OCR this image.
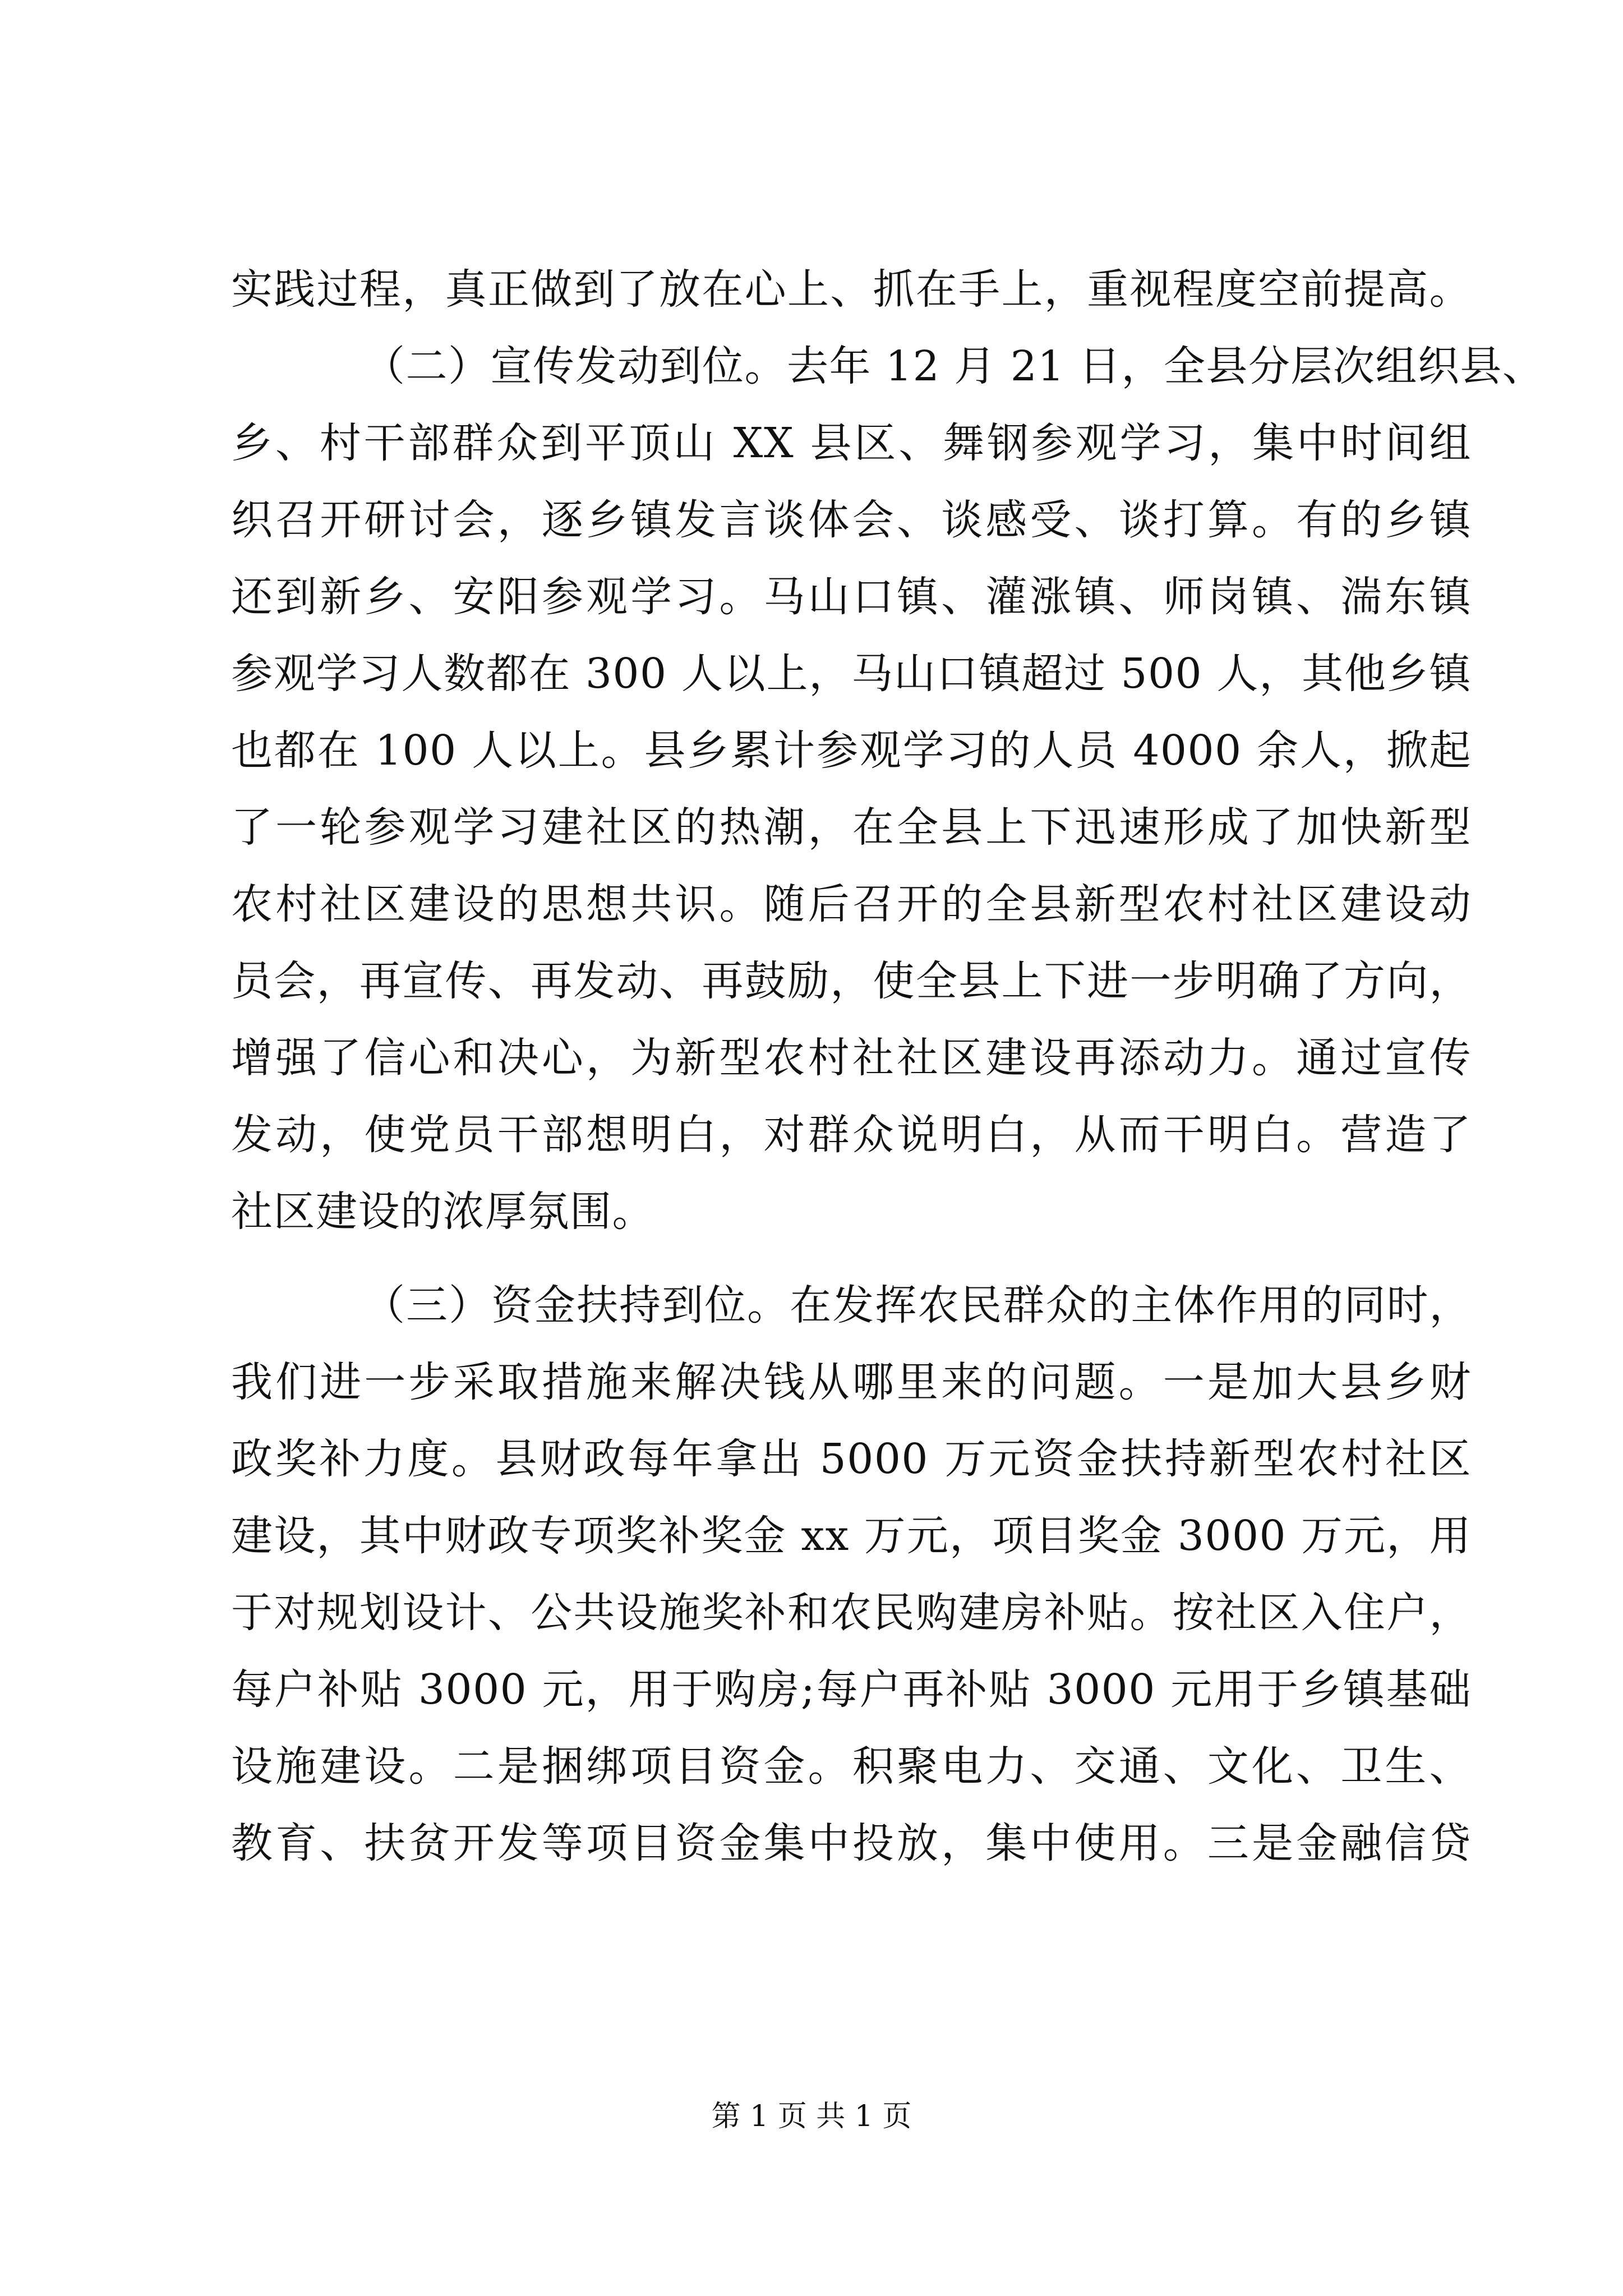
实践过程，真正做到了放在心上、抓在手上，重视程度空前提高。
（二）宣传发动到位。去年 12 月 21 日，全县分层次组织县、
乡、村干部群众到平顶山 XX 县区、舞钢参观学习，集中时间组
织召开研讨会，逐乡镇发言谈体会、谈感受、谈打算。有的乡镇
还到新乡、安阳参观学习。马山口镇、灌涨镇、师岗镇、湍东镇
参观学习人数都在 300 人以上，马山口镇超过 500 人，其他乡镇
也都在 100 人以上。县乡累计参观学习的人员 4000 余人，掀起
了一轮参观学习建社区的热潮，在全县上下迅速形成了加快新型
农村社区建设的思想共识。随后召开的全县新型农村社区建设动
员会，再宣传、再发动、再鼓励，使全县上下进一步明确了方向，
增强了信心和决心，为新型农村社社区建设再添动力。通过宣传
发动，使党员干部想明白，对群众说明白，从而干明白。营造了
社区建设的浓厚氛围。
（三）资金扶持到位。在发挥农民群众的主体作用的同时，
我们进一步采取措施来解决钱从哪里来的问题。一是加大县乡财
政奖补力度。县财政每年拿出 5000 万元资金扶持新型农村社区
建设，其中财政专项奖补奖金 xx 万元，项目奖金 3000 万元，用
于对规划设计、公共设施奖补和农民购建房补贴。按社区入住户，
每户补贴 3000 元，用于购房;每户再补贴 3000 元用于乡镇基础
设施建设。二是捆绑项目资金。积聚电力、交通、文化、卫生、
教育、扶贫开发等项目资金集中投放，集中使用。三是金融信贷
第 1 页 共 1 页
